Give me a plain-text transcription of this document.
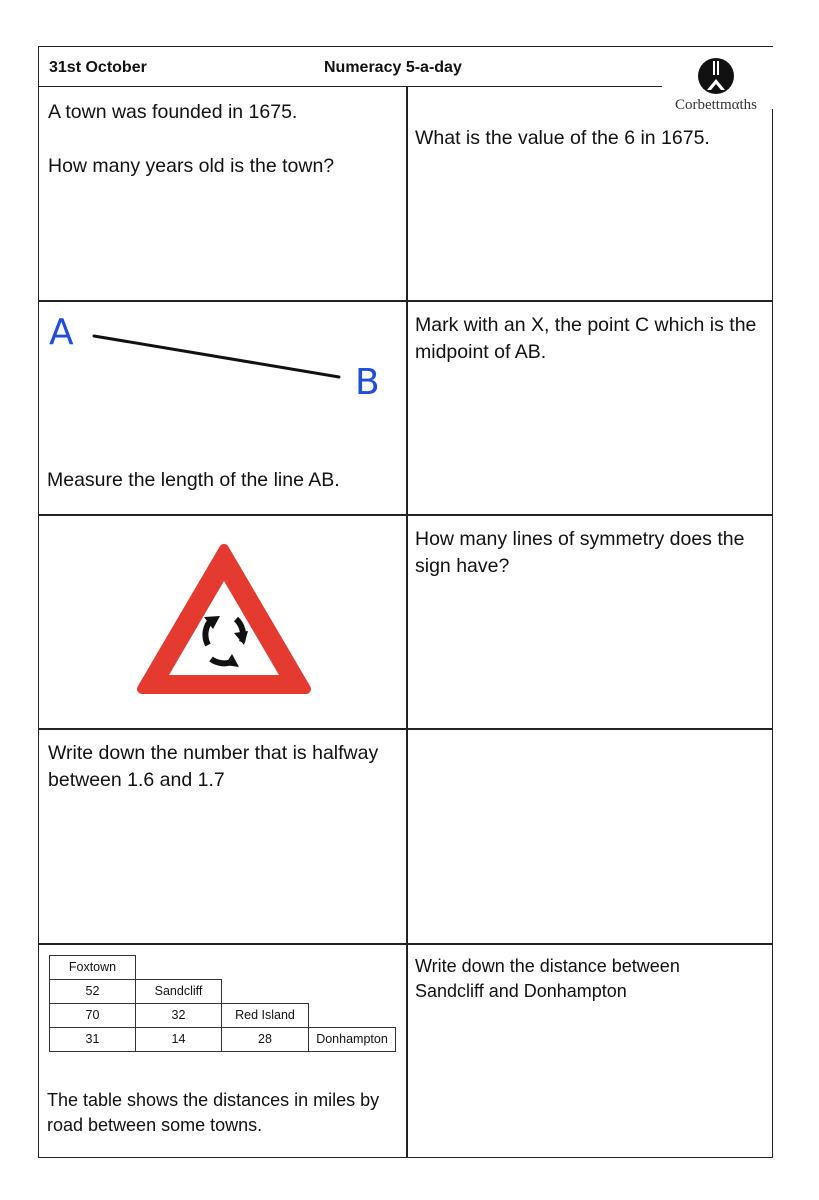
31st October	Numeracy 5-a-day
Corbettmαths

A town was founded in 1675.

How many years old is the town?

What is the value of the 6 in 1675.

A
B

Measure the length of the line AB.

Mark with an X, the point C which is the midpoint of AB.

How many lines of symmetry does the sign have?

Write down the number that is halfway between 1.6 and 1.7

Foxtown
52	Sandcliff
70	32	Red Island
31	14	28	Donhampton

The table shows the distances in miles by road between some towns.

Write down the distance between Sandcliff and Donhampton
